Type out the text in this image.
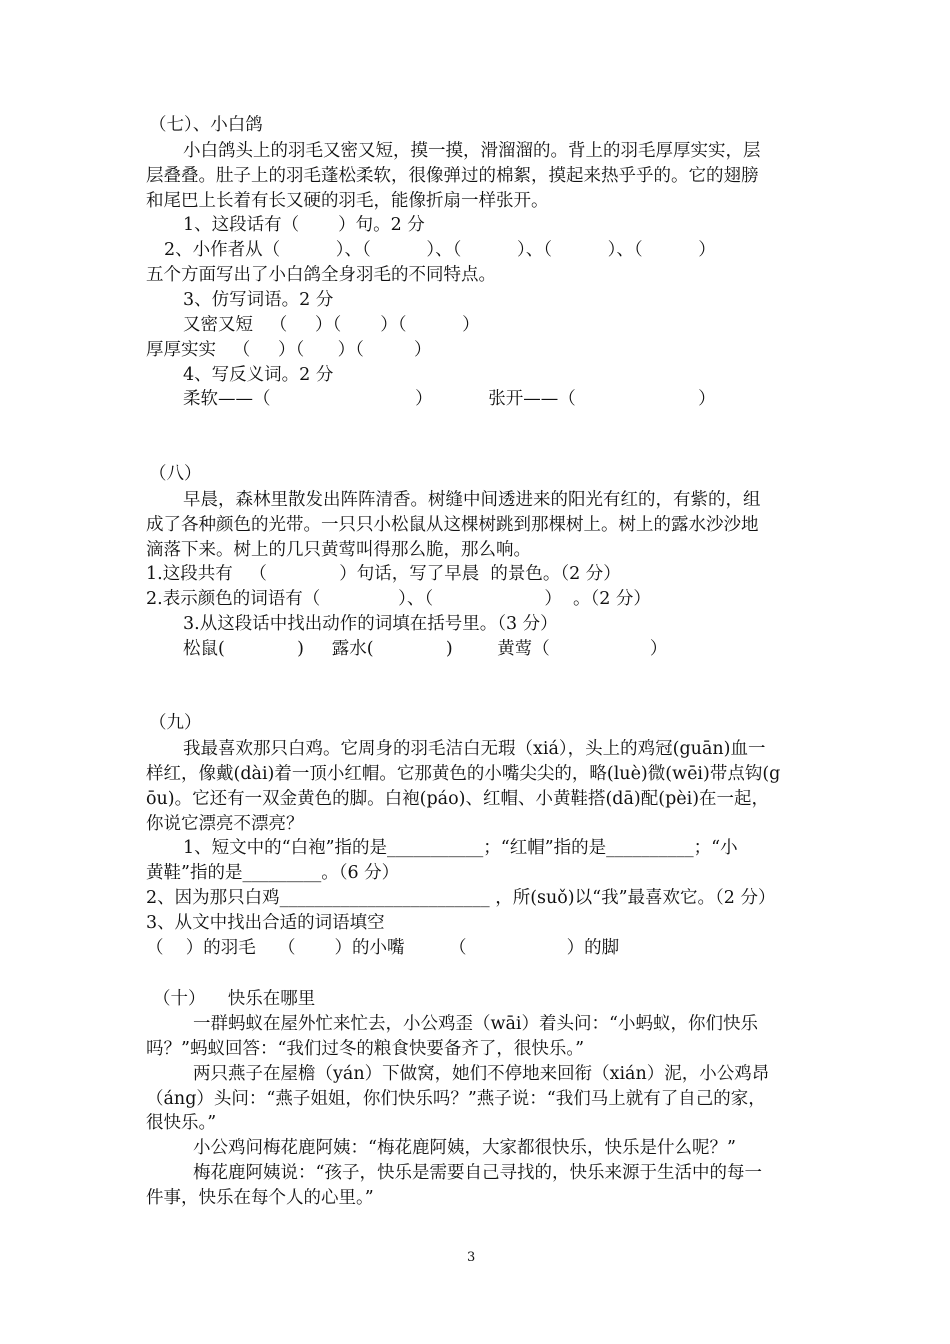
（七）、小白鸽
小白鸽头上的羽毛又密又短，摸一摸，滑溜溜的。背上的羽毛厚厚实实，层
层叠叠。肚子上的羽毛蓬松柔软，很像弹过的棉絮，摸起来热乎乎的。它的翅膀
和尾巴上长着有长又硬的羽毛，能像折扇一样张开。
1、这段话有（       ）句。2 分
2、小作者从（          ）、（          ）、（          ）、（          ）、（          ）
五个方面写出了小白鸽全身羽毛的不同特点。
3、仿写词语。2 分
又密又短   （     ）（       ）（          ）
厚厚实实   （     ）（      ）（         ）
4、写反义词。2 分
柔软——（                          ）          张开——（                      ）
（八）
早晨，森林里散发出阵阵清香。树缝中间透进来的阳光有红的，有紫的，组
成了各种颜色的光带。一只只小松鼠从这棵树跳到那棵树上。树上的露水沙沙地
滴落下来。树上的几只黄莺叫得那么脆，那么响。
1.这段共有   （             ）句话，写了早晨  的景色。（2 分）
2.表示颜色的词语有（              ）、（                    ）  。（2 分）
3.从这段话中找出动作的词填在括号里。（3 分）
松鼠(             )     露水(             )        黄莺（                  ）
（九）
我最喜欢那只白鸡。它周身的羽毛洁白无瑕（xiá），头上的鸡冠(guān)血一
样红，像戴(dài)着一顶小红帽。它那黄色的小嘴尖尖的，略(luè)微(wēi)带点钩(g
ōu)。它还有一双金黄色的脚。白袍(páo)、红帽、小黄鞋搭(dā)配(pèi)在一起，
你说它漂亮不漂亮？
1、短文中的“白袍”指的是___________；“红帽”指的是__________；“小
黄鞋”指的是_________。（6 分）
2、因为那只白鸡________________________ ，所(suǒ)以“我”最喜欢它。（2 分）
3、从文中找出合适的词语填空
（    ）的羽毛    （       ）的小嘴        （                  ）的脚
（十）    快乐在哪里
一群蚂蚁在屋外忙来忙去，小公鸡歪（wāi）着头问：“小蚂蚁，你们快乐
吗？”蚂蚁回答：“我们过冬的粮食快要备齐了，很快乐。”
两只燕子在屋檐（yán）下做窝，她们不停地来回衔（xián）泥，小公鸡昂
（áng）头问：“燕子姐姐，你们快乐吗？”燕子说：“我们马上就有了自己的家，
很快乐。”
小公鸡问梅花鹿阿姨：“梅花鹿阿姨，大家都很快乐，快乐是什么呢？”
梅花鹿阿姨说：“孩子，快乐是需要自己寻找的，快乐来源于生活中的每一
件事，快乐在每个人的心里。”
3
